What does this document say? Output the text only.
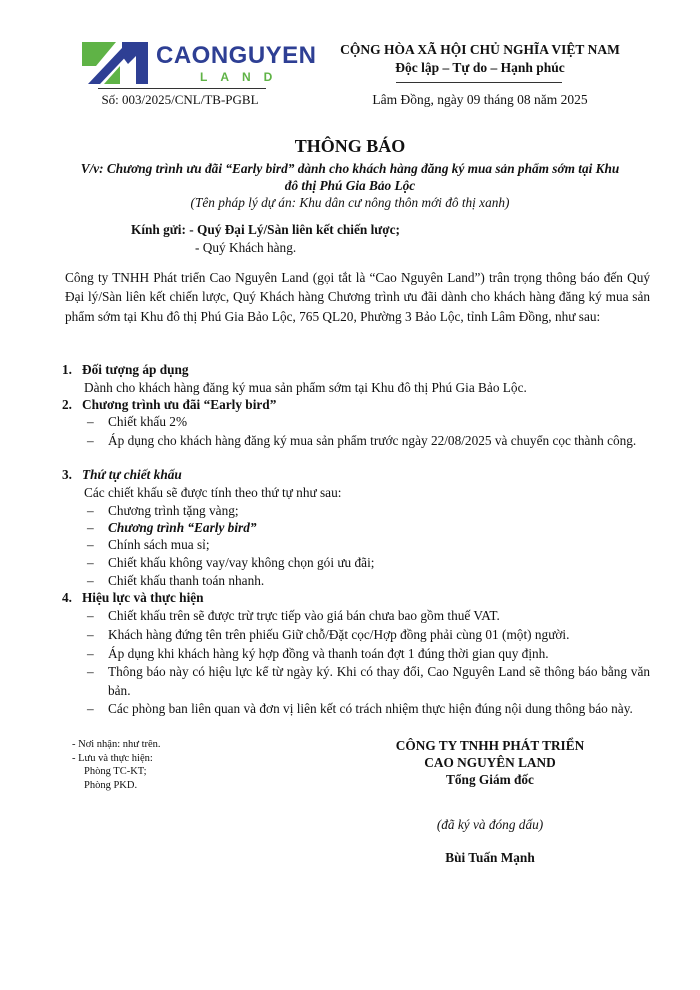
CAONGUYEN
LAND
Số: 003/2025/CNL/TB-PGBL
CỘNG HÒA XÃ HỘI CHỦ NGHĨA VIỆT NAM
Độc lập – Tự do – Hạnh phúc
Lâm Đồng, ngày 09 tháng 08 năm 2025
THÔNG BÁO
V/v: Chương trình ưu đãi “Early bird” dành cho khách hàng đăng ký mua sản phẩm sớm tại Khu
đô thị Phú Gia Bảo Lộc
(Tên pháp lý dự án: Khu dân cư nông thôn mới đô thị xanh)
Kính gửi: - Quý Đại Lý/Sàn liên kết chiến lược;
- Quý Khách hàng.

Công ty TNHH Phát triển Cao Nguyên Land (gọi tắt là “Cao Nguyên Land”) trân trọng thông báo đến Quý Đại lý/Sàn liên kết chiến lược, Quý Khách hàng Chương trình ưu đãi dành cho khách hàng đăng ký mua sản phẩm sớm tại Khu đô thị Phú Gia Bảo Lộc, 765 QL20, Phường 3 Bảo Lộc, tỉnh Lâm Đồng, như sau:

1. Đối tượng áp dụng
Dành cho khách hàng đăng ký mua sản phẩm sớm tại Khu đô thị Phú Gia Bảo Lộc.
2. Chương trình ưu đãi “Early bird”
– Chiết khấu 2%
– Áp dụng cho khách hàng đăng ký mua sản phẩm trước ngày 22/08/2025 và chuyển cọc thành công.
3. Thứ tự chiết khấu
Các chiết khấu sẽ được tính theo thứ tự như sau:
– Chương trình tặng vàng;
– Chương trình “Early bird”
– Chính sách mua sỉ;
– Chiết khấu không vay/vay không chọn gói ưu đãi;
– Chiết khấu thanh toán nhanh.
4. Hiệu lực và thực hiện
– Chiết khấu trên sẽ được trừ trực tiếp vào giá bán chưa bao gồm thuế VAT.
– Khách hàng đứng tên trên phiếu Giữ chỗ/Đặt cọc/Hợp đồng phải cùng 01 (một) người.
– Áp dụng khi khách hàng ký hợp đồng và thanh toán đợt 1 đúng thời gian quy định.
– Thông báo này có hiệu lực kể từ ngày ký. Khi có thay đổi, Cao Nguyên Land sẽ thông báo bằng văn bản.
– Các phòng ban liên quan và đơn vị liên kết có trách nhiệm thực hiện đúng nội dung thông báo này.
- Nơi nhận: như trên.
- Lưu và thực hiện:
Phòng TC-KT;
Phòng PKD.
CÔNG TY TNHH PHÁT TRIỂN
CAO NGUYÊN LAND
Tổng Giám đốc
(đã ký và đóng dấu)
Bùi Tuấn Mạnh
